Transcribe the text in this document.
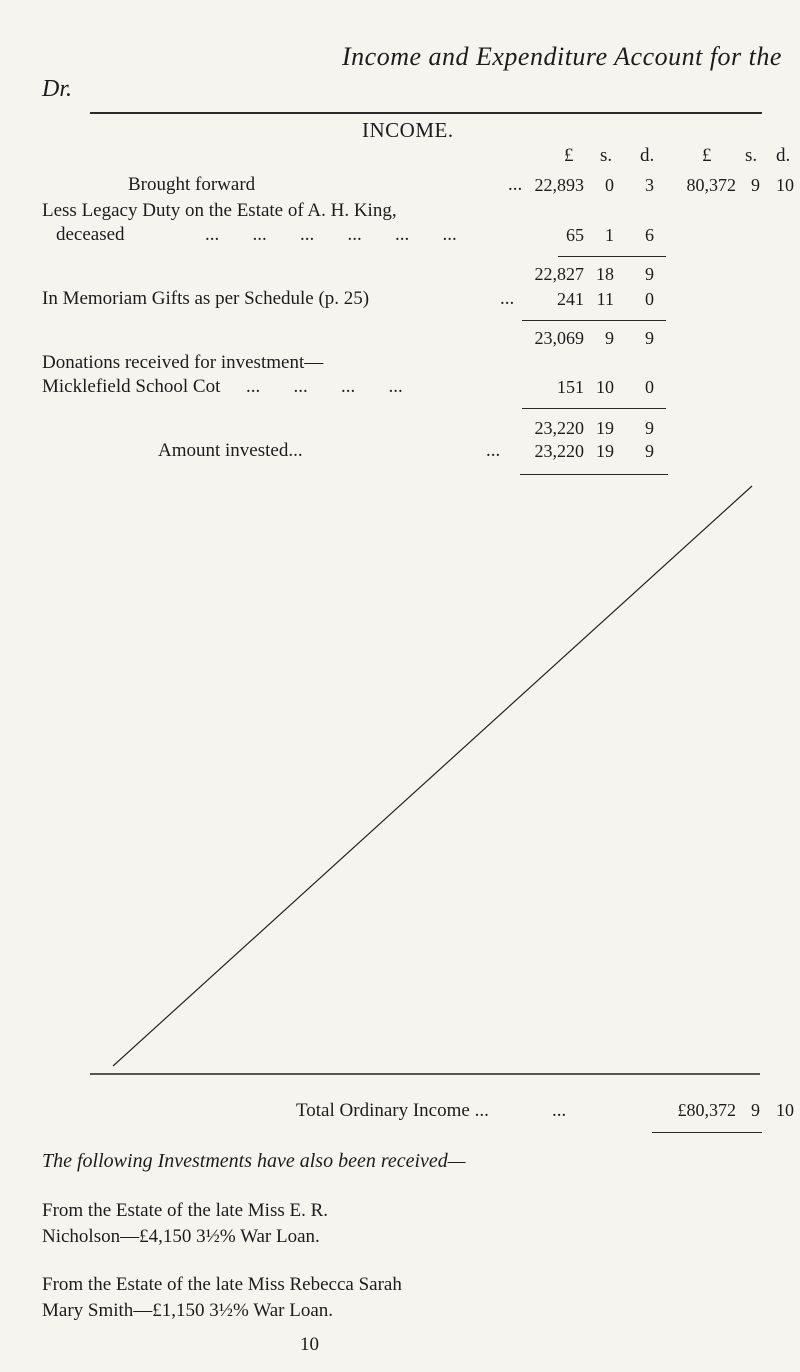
Income and Expenditure Account for the
Dr.
INCOME.
£ s. d.	£ s. d.
Brought forward	... 22,893	0	3	80,372 9 10
Less Legacy Duty on the Estate of A. H. King,
deceased	...       ...       ...       ...       ...       ...	65	1	6
22,827 18	9
In Memoriam Gifts as per Schedule (p. 25)	...	241 11	0
23,069	9	9
Donations received for investment—
Micklefield School Cot ...       ...       ...       ...	151 10	0
23,220 19	9
Amount invested...	...	23,220 19	9
Total Ordinary Income ...	...	£80,372 9 10
The following Investments have also been received—
From the Estate of the late Miss E. R.
Nicholson—£4,150 3½% War Loan.
From the Estate of the late Miss Rebecca Sarah
Mary Smith—£1,150 3½% War Loan.
10
